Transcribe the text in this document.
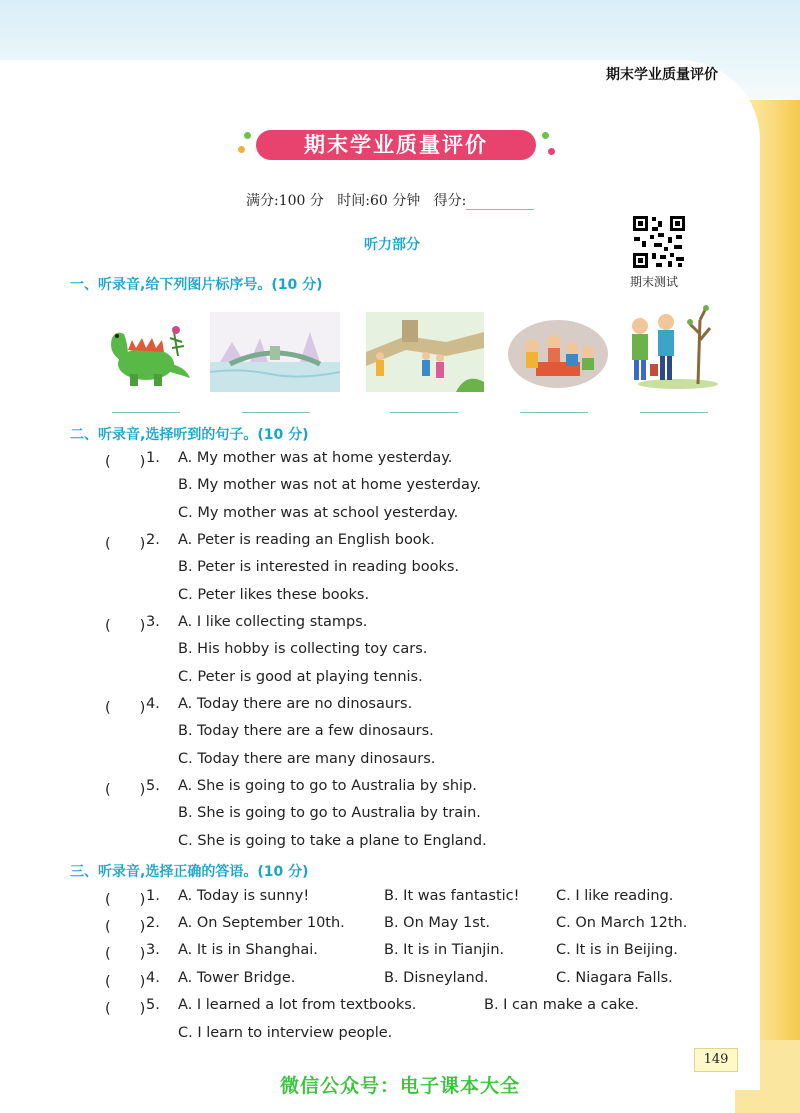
期末学业质量评价
期末学业质量评价
满分:100 分 时间:60 分钟 得分:
听力部分
期末测试
一、听录音,给下列图片标序号。(10 分)
二、听录音,选择听到的句子。(10 分)
(　　) 1. A. My mother was at home yesterday.
B. My mother was not at home yesterday.
C. My mother was at school yesterday.
(　　) 2. A. Peter is reading an English book.
B. Peter is interested in reading books.
C. Peter likes these books.
(　　) 3. A. I like collecting stamps.
B. His hobby is collecting toy cars.
C. Peter is good at playing tennis.
(　　) 4. A. Today there are no dinosaurs.
B. Today there are a few dinosaurs.
C. Today there are many dinosaurs.
(　　) 5. A. She is going to go to Australia by ship.
B. She is going to go to Australia by train.
C. She is going to take a plane to England.
三、听录音,选择正确的答语。(10 分)
(　　) 1. A. Today is sunny!	B. It was fantastic!	C. I like reading.
(　　) 2. A. On September 10th.	B. On May 1st.	C. On March 12th.
(　　) 3. A. It is in Shanghai.	B. It is in Tianjin.	C. It is in Beijing.
(　　) 4. A. Tower Bridge.	B. Disneyland.	C. Niagara Falls.
(　　) 5. A. I learned a lot from textbooks.	B. I can make a cake.
C. I learn to interview people.
149
微信公众号：电子课本大全
